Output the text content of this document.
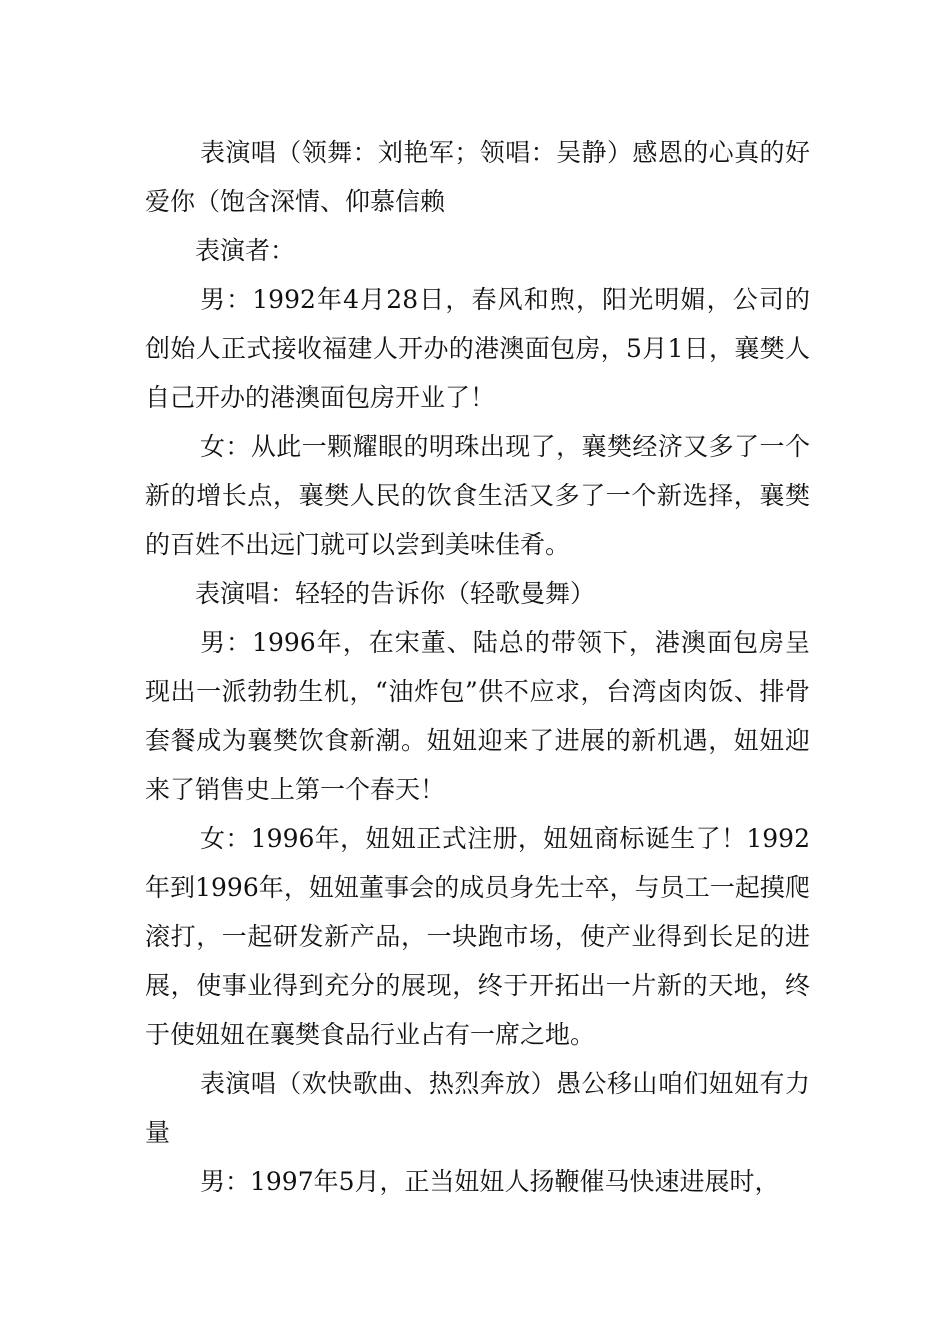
表演唱（领舞：刘艳军；领唱：吴静）感恩的心真的好爱你（饱含深情、仰慕信赖

表演者：

男：1992年4月28日，春风和煦，阳光明媚，公司的创始人正式接收福建人开办的港澳面包房，5月1日，襄樊人自己开办的港澳面包房开业了！

女：从此一颗耀眼的明珠出现了，襄樊经济又多了一个新的增长点，襄樊人民的饮食生活又多了一个新选择，襄樊的百姓不出远门就可以尝到美味佳肴。

表演唱：轻轻的告诉你（轻歌曼舞）

男：1996年，在宋董、陆总的带领下，港澳面包房呈现出一派勃勃生机，“油炸包”供不应求，台湾卤肉饭、排骨套餐成为襄樊饮食新潮。妞妞迎来了进展的新机遇，妞妞迎来了销售史上第一个春天！

女：1996年，妞妞正式注册，妞妞商标诞生了！1992年到1996年，妞妞董事会的成员身先士卒，与员工一起摸爬滚打，一起研发新产品，一块跑市场，使产业得到长足的进展，使事业得到充分的展现，终于开拓出一片新的天地，终于使妞妞在襄樊食品行业占有一席之地。

表演唱（欢快歌曲、热烈奔放）愚公移山咱们妞妞有力量

男：1997年5月，正当妞妞人扬鞭催马快速进展时，
